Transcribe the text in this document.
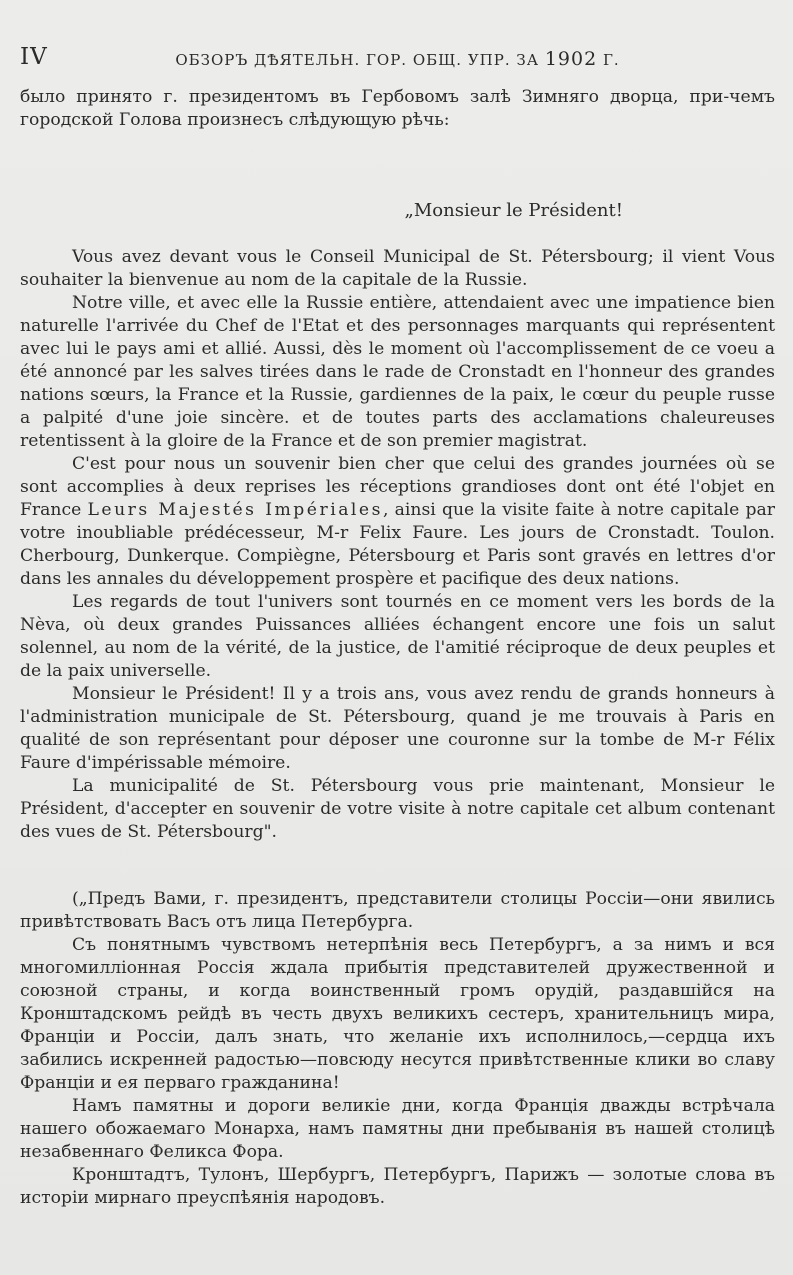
IV	ОБЗОРЪ ДѢЯТЕЛЬН. ГОР. ОБЩ. УПР. ЗА 1902 Г.

было принято г. президентомъ въ Гербовомъ залѣ Зимняго дворца, при-чемъ городской Голова произнесъ слѣдующую рѣчь:

„Monsieur le Président!

Vous avez devant vous le Conseil Municipal de St. Pétersbourg; il vient Vous souhaiter la bienvenue au nom de la capitale de la Russie.

Notre ville, et avec elle la Russie entière, attendaient avec une impatience bien naturelle l'arrivée du Chef de l'Etat et des personnages marquants qui représentent avec lui le pays ami et allié. Aussi, dès le moment où l'accomplissement de ce voeu a été annoncé par les salves tirées dans le rade de Cronstadt en l'honneur des grandes nations sœurs, la France et la Russie, gardiennes de la paix, le cœur du peuple russe a palpité d'une joie sincère. et de toutes parts des acclamations chaleureuses retentissent à la gloire de la France et de son premier magistrat.

C'est pour nous un souvenir bien cher que celui des grandes journées où se sont accomplies à deux reprises les réceptions grandioses dont ont été l'objet en France Leurs Majestés Impériales, ainsi que la visite faite à notre capitale par votre inoubliable prédécesseur, M-r Felix Faure. Les jours de Cronstadt. Toulon. Cherbourg, Dunkerque. Compiègne, Pétersbourg et Paris sont gravés en lettres d'or dans les annales du développement prospère et pacifique des deux nations.

Les regards de tout l'univers sont tournés en ce moment vers les bords de la Nèva, où deux grandes Puissances alliées échangent encore une fois un salut solennel, au nom de la vérité, de la justice, de l'amitié réciproque de deux peuples et de la paix universelle.

Monsieur le Président! Il y a trois ans, vous avez rendu de grands honneurs à l'administration municipale de St. Pétersbourg, quand je me trouvais à Paris en qualité de son représentant pour déposer une couronne sur la tombe de M-r Félix Faure d'impérissable mémoire.

La municipalité de St. Pétersbourg vous prie maintenant, Monsieur le Président, d'accepter en souvenir de votre visite à notre capitale cet album contenant des vues de St. Pétersbourg".

(„Предъ Вами, г. президентъ, представители столицы Россіи—они явились привѣтствовать Васъ отъ лица Петербурга.

Съ понятнымъ чувствомъ нетерпѣнія весь Петербургъ, а за нимъ и вся многомилліонная Россія ждала прибытія представителей дружественной и союзной страны, и когда воинственный громъ орудій, раздавшійся на Кронштадскомъ рейдѣ въ честь двухъ великихъ сестеръ, хранительницъ мира, Франціи и Россіи, далъ знать, что желаніе ихъ исполнилось,—сердца ихъ забились искренней радостью—повсюду несутся привѣтственные клики во славу Франціи и ея перваго гражданина!

Намъ памятны и дороги великіе дни, когда Франція дважды встрѣчала нашего обожаемаго Монарха, намъ памятны дни пребыванія въ нашей столицѣ незабвеннаго Феликса Фора.

Кронштадтъ, Тулонъ, Шербургъ, Петербургъ, Парижъ — золотые слова въ исторіи мирнаго преуспѣянія народовъ.
